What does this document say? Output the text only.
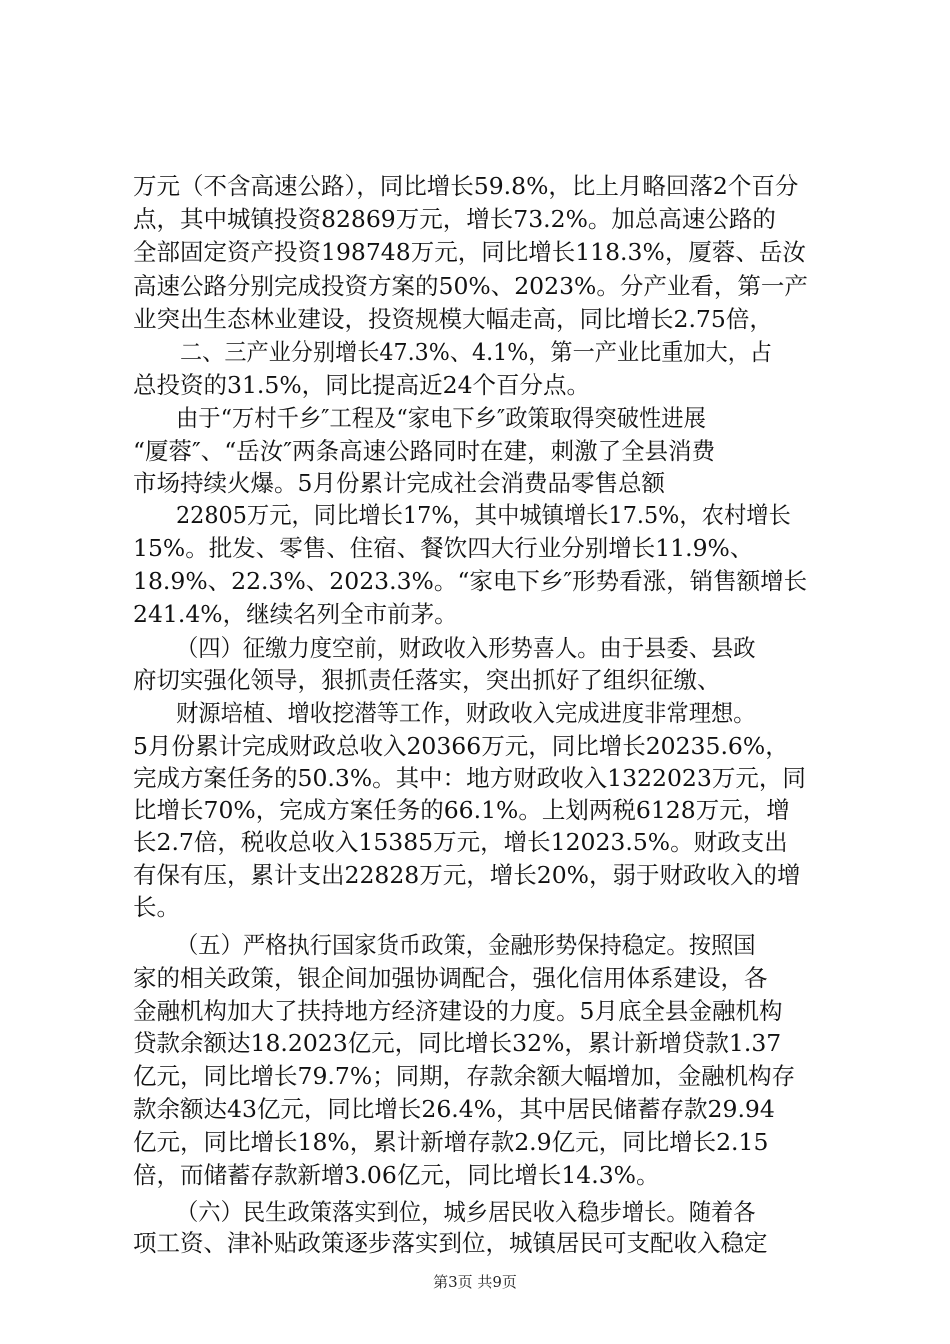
万元（不含高速公路），同比增长59.8%，比上月略回落2个百分
点，其中城镇投资82869万元，增长73.2%。加总高速公路的
全部固定资产投资198748万元，同比增长118.3%，厦蓉、岳汝
高速公路分别完成投资方案的50%、2023%。分产业看，第一产
业突出生态林业建设，投资规模大幅走高，同比增长2.75倍，
二、三产业分别增长47.3%、4.1%，第一产业比重加大，占
总投资的31.5%，同比提高近24个百分点。
由于“万村千乡″工程及“家电下乡″政策取得突破性进展
“厦蓉″、“岳汝″两条高速公路同时在建，刺激了全县消费
市场持续火爆。5月份累计完成社会消费品零售总额
22805万元，同比增长17%，其中城镇增长17.5%，农村增长
15%。批发、零售、住宿、餐饮四大行业分别增长11.9%、
18.9%、22.3%、2023.3%。“家电下乡″形势看涨，销售额增长
241.4%，继续名列全市前茅。
（四）征缴力度空前，财政收入形势喜人。由于县委、县政
府切实强化领导，狠抓责任落实，突出抓好了组织征缴、
财源培植、增收挖潜等工作，财政收入完成进度非常理想。
5月份累计完成财政总收入20366万元，同比增长20235.6%，
完成方案任务的50.3%。其中：地方财政收入1322023万元，同
比增长70%，完成方案任务的66.1%。上划两税6128万元，增
长2.7倍，税收总收入15385万元，增长12023.5%。财政支出
有保有压，累计支出22828万元，增长20%，弱于财政收入的增
长。
（五）严格执行国家货币政策，金融形势保持稳定。按照国
家的相关政策，银企间加强协调配合，强化信用体系建设，各
金融机构加大了扶持地方经济建设的力度。5月底全县金融机构
贷款余额达18.2023亿元，同比增长32%，累计新增贷款1.37
亿元，同比增长79.7%；同期，存款余额大幅增加，金融机构存
款余额达43亿元，同比增长26.4%，其中居民储蓄存款29.94
亿元，同比增长18%，累计新增存款2.9亿元，同比增长2.15
倍，而储蓄存款新增3.06亿元，同比增长14.3%。
（六）民生政策落实到位，城乡居民收入稳步增长。随着各
项工资、津补贴政策逐步落实到位，城镇居民可支配收入稳定
第3页 共9页
